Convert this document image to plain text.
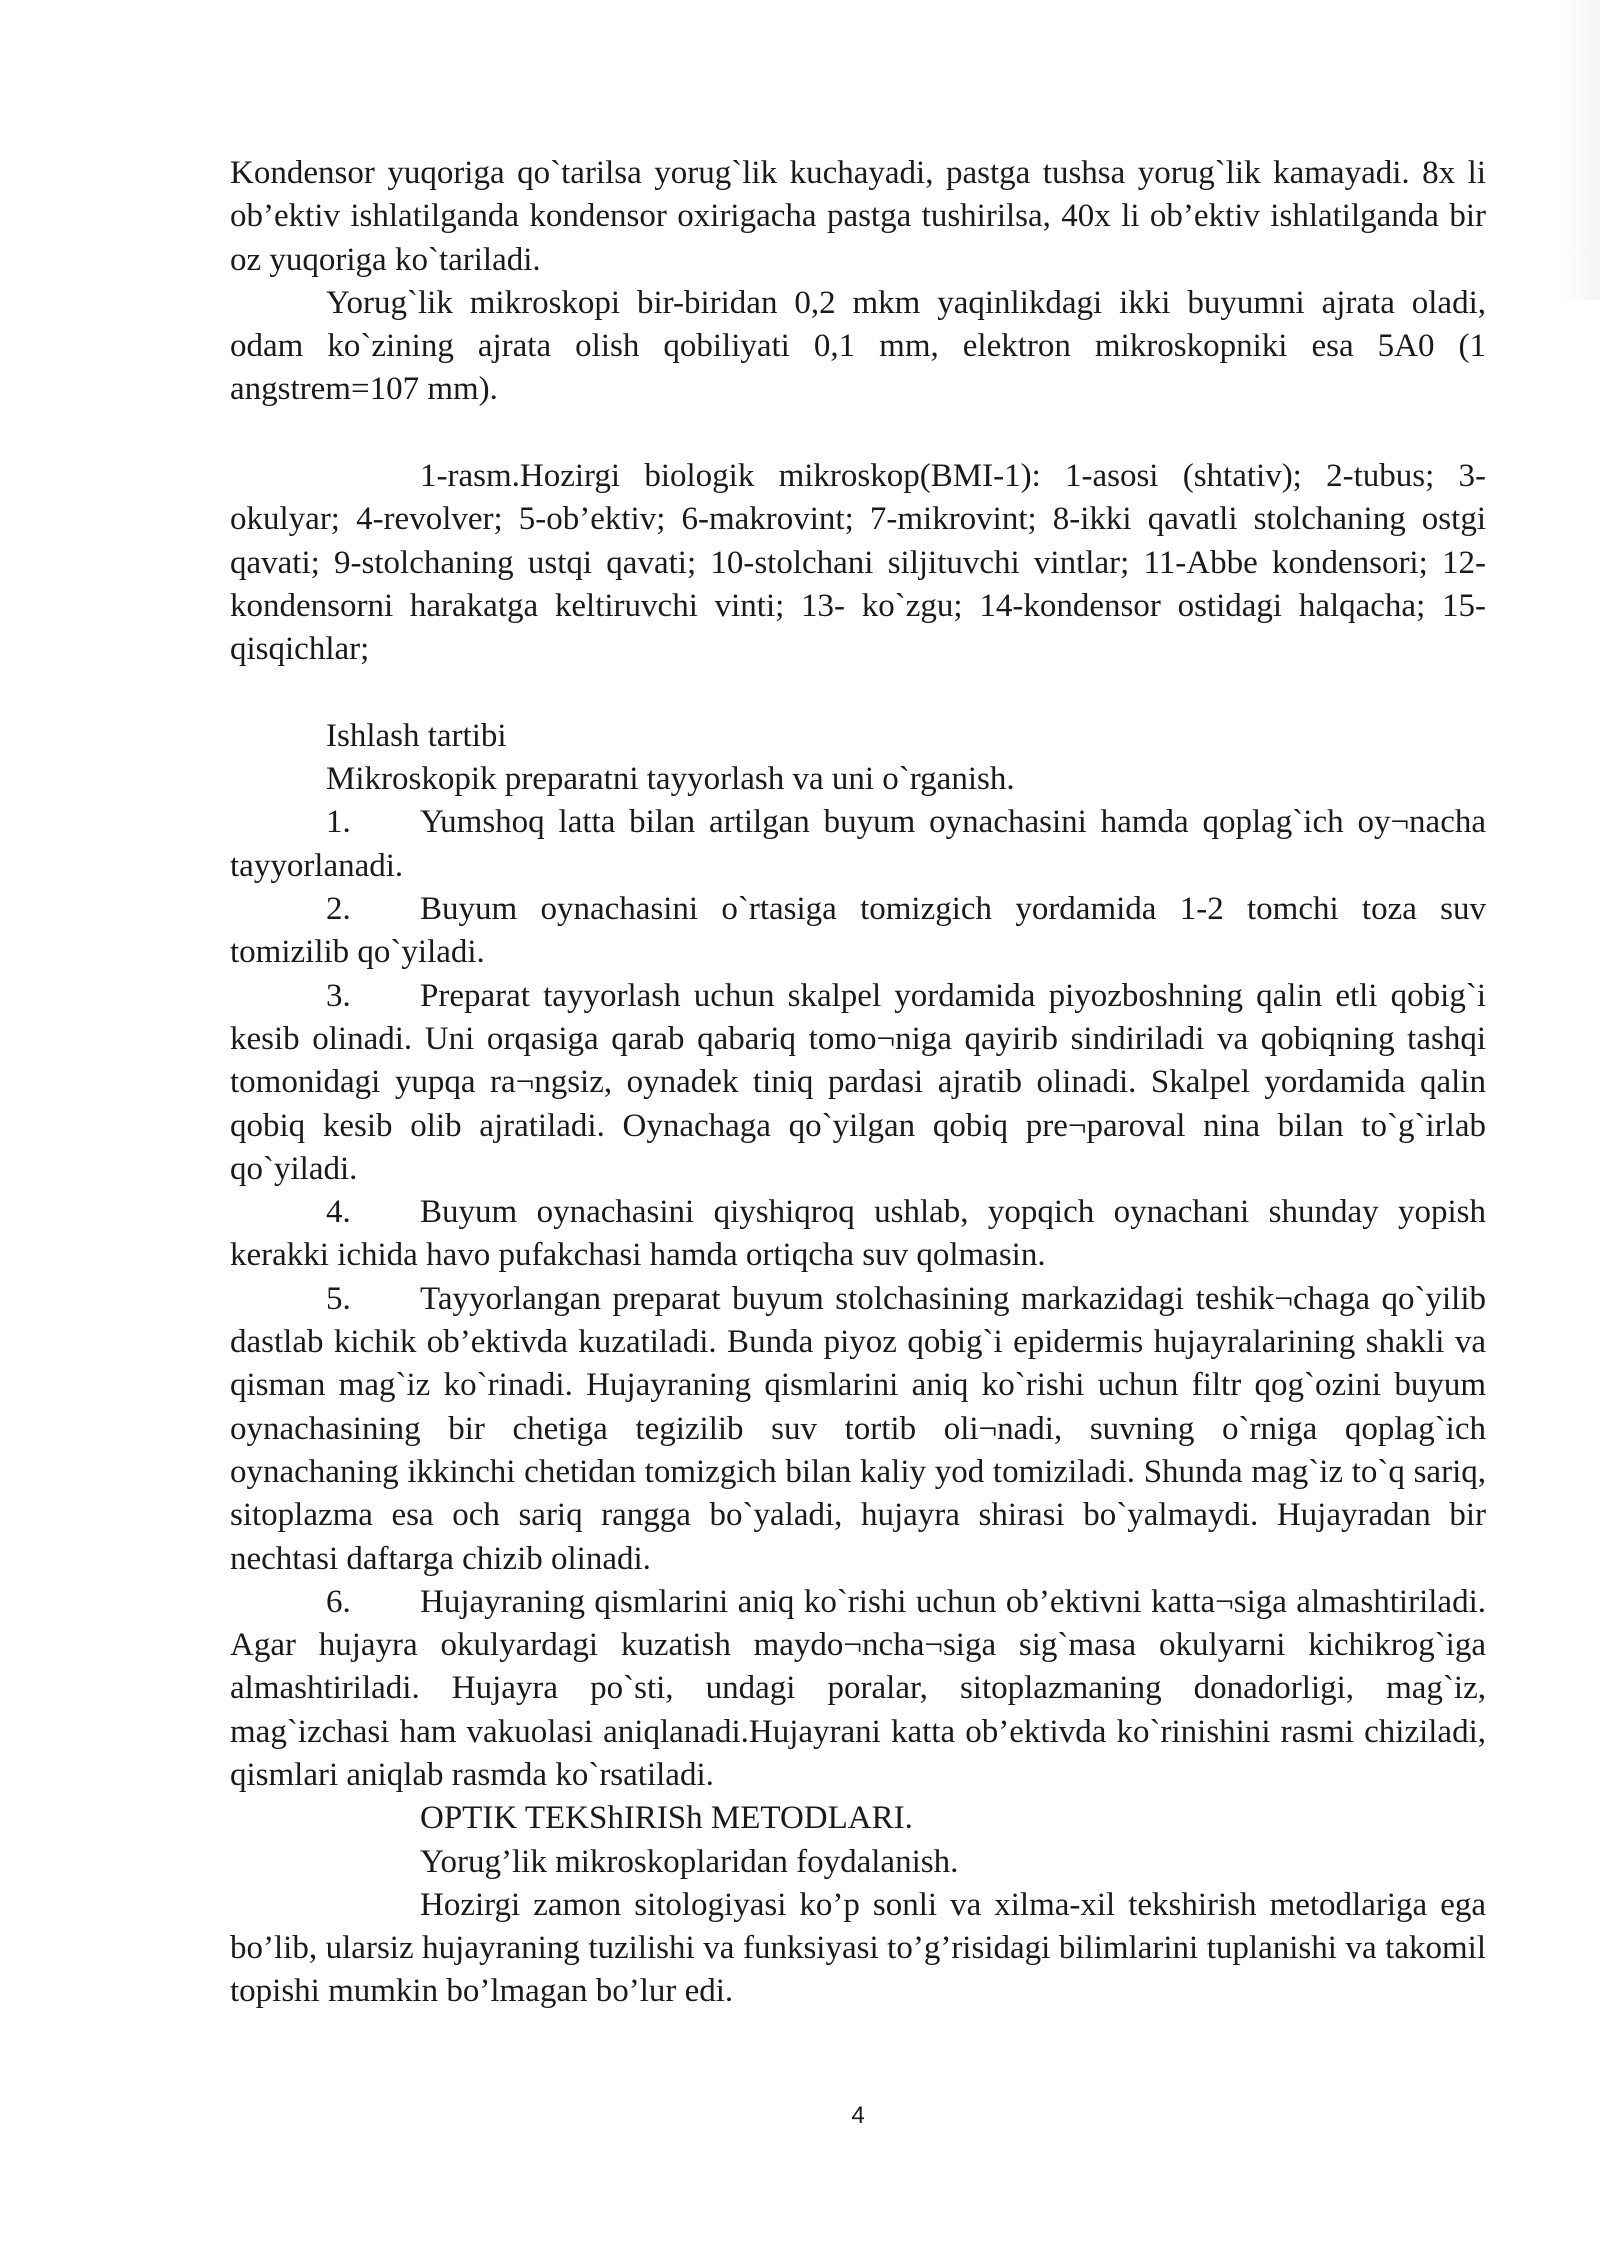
Kondensor yuqoriga qo`tarilsa yorug`lik kuchayadi, pastga tushsa yorug`lik kamayadi. 8x li ob’ektiv ishlatilganda kondensor oxirigacha pastga tushirilsa, 40x li ob’ektiv ishlatilganda bir oz yuqoriga ko`tariladi.

Yorug`lik mikroskopi bir-biridan 0,2 mkm yaqinlikdagi ikki buyumni ajrata oladi, odam ko`zining ajrata olish qobiliyati 0,1 mm, elektron mikroskopniki esa 5A0 (1 angstrem=107 mm).

1-rasm.Hozirgi biologik mikroskop(BMI-1): 1-asosi (shtativ); 2-tubus; 3-okulyar; 4-revolver; 5-ob’ektiv; 6-makrovint; 7-mikrovint; 8-ikki qavatli stolchaning ostgi qavati; 9-stolchaning ustqi qavati; 10-stolchani siljituvchi vintlar; 11-Abbe kondensori; 12-kondensorni harakatga keltiruvchi vinti; 13- ko`zgu; 14-kondensor ostidagi halqacha; 15-qisqichlar;

Ishlash tartibi

Mikroskopik preparatni tayyorlash va uni o`rganish.

1. Yumshoq latta bilan artilgan buyum oynachasini hamda qoplag`ich oy¬nacha tayyorlanadi.

2. Buyum oynachasini o`rtasiga tomizgich yordamida 1-2 tomchi toza suv tomizilib qo`yiladi.

3. Preparat tayyorlash uchun skalpel yordamida piyozboshning qalin etli qobig`i kesib olinadi. Uni orqasiga qarab qabariq tomo¬niga qayirib sindiriladi va qobiqning tashqi tomonidagi yupqa ra¬ngsiz, oynadek tiniq pardasi ajratib olinadi. Skalpel yordamida qalin qobiq kesib olib ajratiladi. Oynachaga qo`yilgan qobiq pre¬paroval nina bilan to`g`irlab qo`yiladi.

4. Buyum oynachasini qiyshiqroq ushlab, yopqich oynachani shunday yopish kerakki ichida havo pufakchasi hamda ortiqcha suv qolmasin.

5. Tayyorlangan preparat buyum stolchasining markazidagi teshik¬chaga qo`yilib dastlab kichik ob’ektivda kuzatiladi. Bunda piyoz qobig`i epidermis hujayralarining shakli va qisman mag`iz ko`rinadi. Hujayraning qismlarini aniq ko`rishi uchun filtr qog`ozini buyum oynachasining bir chetiga tegizilib suv tortib oli¬nadi, suvning o`rniga qoplag`ich oynachaning ikkinchi chetidan tomizgich bilan kaliy yod tomiziladi. Shunda mag`iz to`q sariq, sitoplazma esa och sariq rangga bo`yaladi, hujayra shirasi bo`yalmaydi. Hujayradan bir nechtasi daftarga chizib olinadi.

6. Hujayraning qismlarini aniq ko`rishi uchun ob’ektivni katta¬siga almashtiriladi. Agar hujayra okulyardagi kuzatish maydo¬ncha¬siga sig`masa okulyarni kichikrog`iga almashtiriladi. Hujayra po`sti, undagi poralar, sitoplazmaning donadorligi, mag`iz, mag`izchasi ham vakuolasi aniqlanadi.Hujayrani katta ob’ektivda ko`rinishini rasmi chiziladi, qismlari aniqlab rasmda ko`rsatiladi.

OPTIK TEKShIRISh METODLARI.

Yorug’lik mikroskoplaridan foydalanish.

Hozirgi zamon sitologiyasi ko’p sonli va xilma-xil tekshirish metodlariga ega bo’lib, ularsiz hujayraning tuzilishi va funksiyasi to’g’risidagi bilimlarini tuplanishi va takomil topishi mumkin bo’lmagan bo’lur edi.

4
